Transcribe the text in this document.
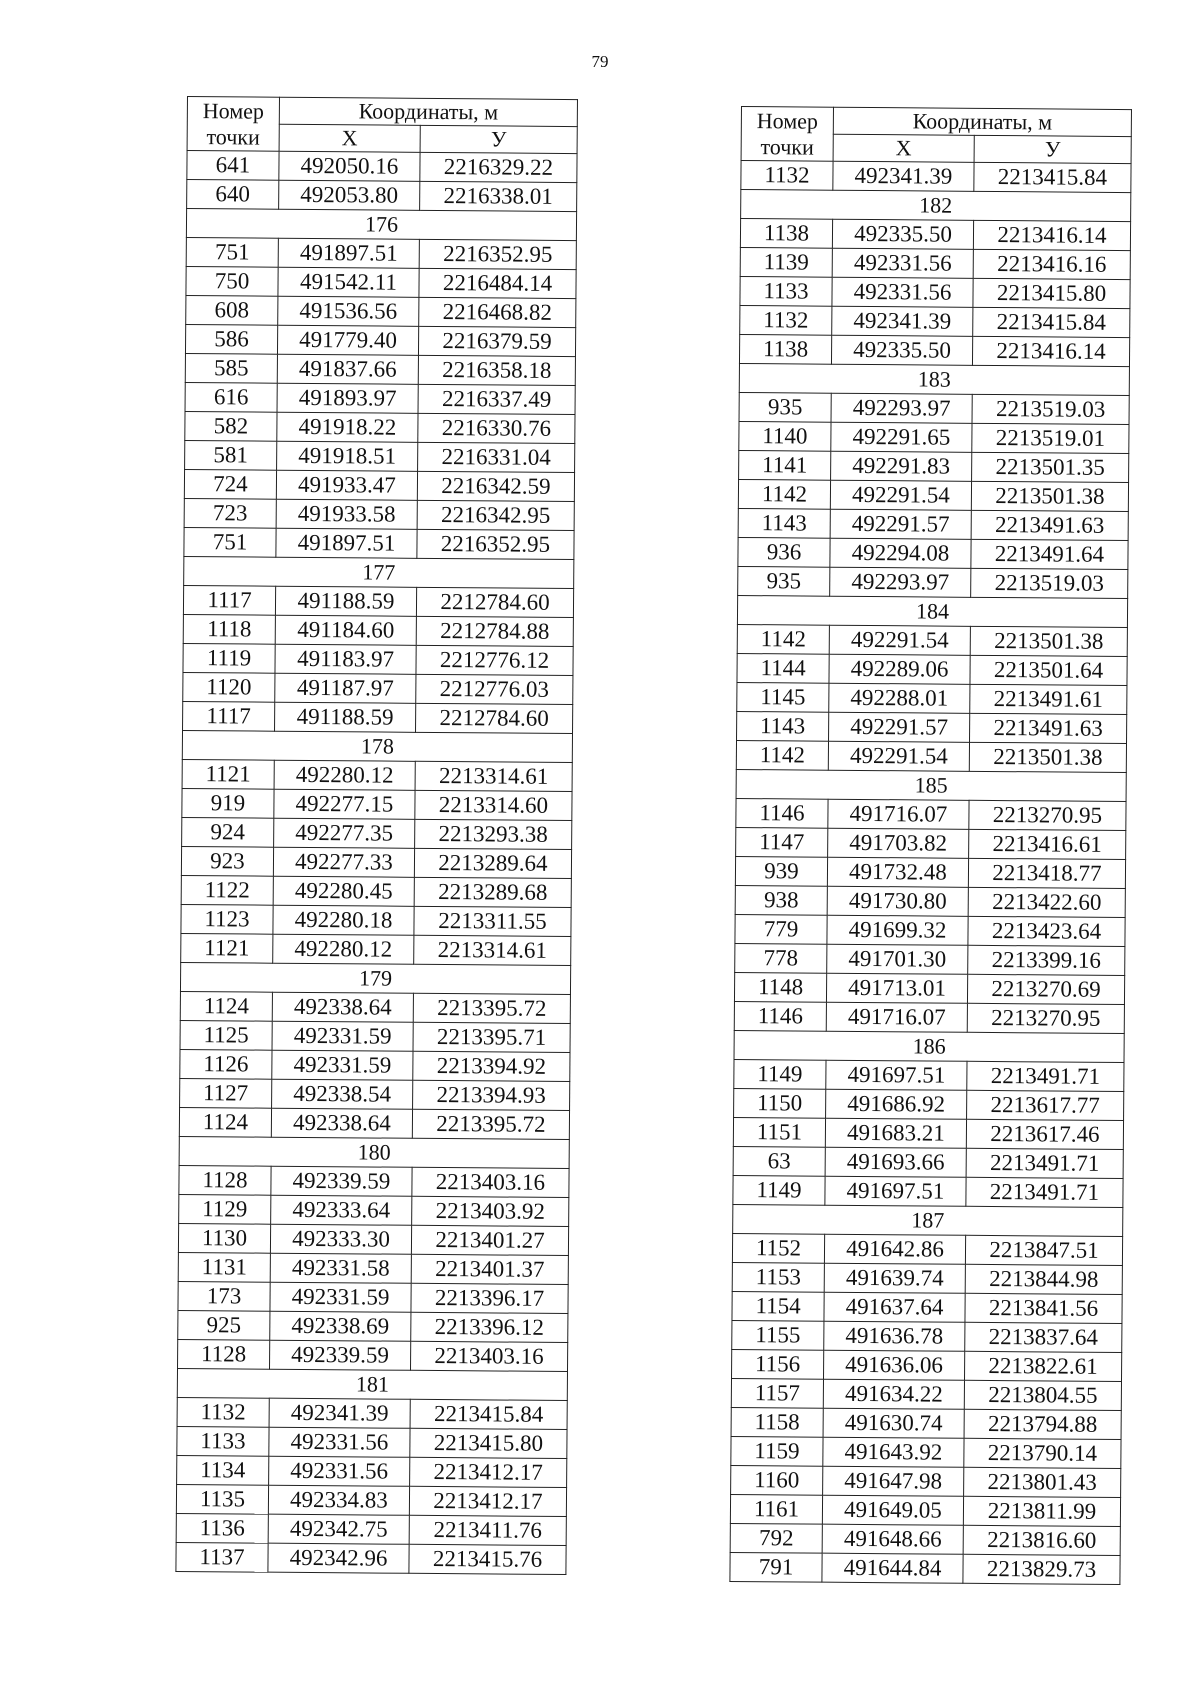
79
Номер
точки	Координаты, м	
	Х	У
641	492050.16	2216329.22
640	492053.80	2216338.01
176		
751	491897.51	2216352.95
750	491542.11	2216484.14
608	491536.56	2216468.82
586	491779.40	2216379.59
585	491837.66	2216358.18
616	491893.97	2216337.49
582	491918.22	2216330.76
581	491918.51	2216331.04
724	491933.47	2216342.59
723	491933.58	2216342.95
751	491897.51	2216352.95
177		
1117	491188.59	2212784.60
1118	491184.60	2212784.88
1119	491183.97	2212776.12
1120	491187.97	2212776.03
1117	491188.59	2212784.60
178		
1121	492280.12	2213314.61
919	492277.15	2213314.60
924	492277.35	2213293.38
923	492277.33	2213289.64
1122	492280.45	2213289.68
1123	492280.18	2213311.55
1121	492280.12	2213314.61
179		
1124	492338.64	2213395.72
1125	492331.59	2213395.71
1126	492331.59	2213394.92
1127	492338.54	2213394.93
1124	492338.64	2213395.72
180		
1128	492339.59	2213403.16
1129	492333.64	2213403.92
1130	492333.30	2213401.27
1131	492331.58	2213401.37
173	492331.59	2213396.17
925	492338.69	2213396.12
1128	492339.59	2213403.16
181		
1132	492341.39	2213415.84
1133	492331.56	2213415.80
1134	492331.56	2213412.17
1135	492334.83	2213412.17
1136	492342.75	2213411.76
1137	492342.96	2213415.76
Номер
точки	Координаты, м	
	Х	У
1132	492341.39	2213415.84
182		
1138	492335.50	2213416.14
1139	492331.56	2213416.16
1133	492331.56	2213415.80
1132	492341.39	2213415.84
1138	492335.50	2213416.14
183		
935	492293.97	2213519.03
1140	492291.65	2213519.01
1141	492291.83	2213501.35
1142	492291.54	2213501.38
1143	492291.57	2213491.63
936	492294.08	2213491.64
935	492293.97	2213519.03
184		
1142	492291.54	2213501.38
1144	492289.06	2213501.64
1145	492288.01	2213491.61
1143	492291.57	2213491.63
1142	492291.54	2213501.38
185		
1146	491716.07	2213270.95
1147	491703.82	2213416.61
939	491732.48	2213418.77
938	491730.80	2213422.60
779	491699.32	2213423.64
778	491701.30	2213399.16
1148	491713.01	2213270.69
1146	491716.07	2213270.95
186		
1149	491697.51	2213491.71
1150	491686.92	2213617.77
1151	491683.21	2213617.46
63	491693.66	2213491.71
1149	491697.51	2213491.71
187		
1152	491642.86	2213847.51
1153	491639.74	2213844.98
1154	491637.64	2213841.56
1155	491636.78	2213837.64
1156	491636.06	2213822.61
1157	491634.22	2213804.55
1158	491630.74	2213794.88
1159	491643.92	2213790.14
1160	491647.98	2213801.43
1161	491649.05	2213811.99
792	491648.66	2213816.60
791	491644.84	2213829.73
